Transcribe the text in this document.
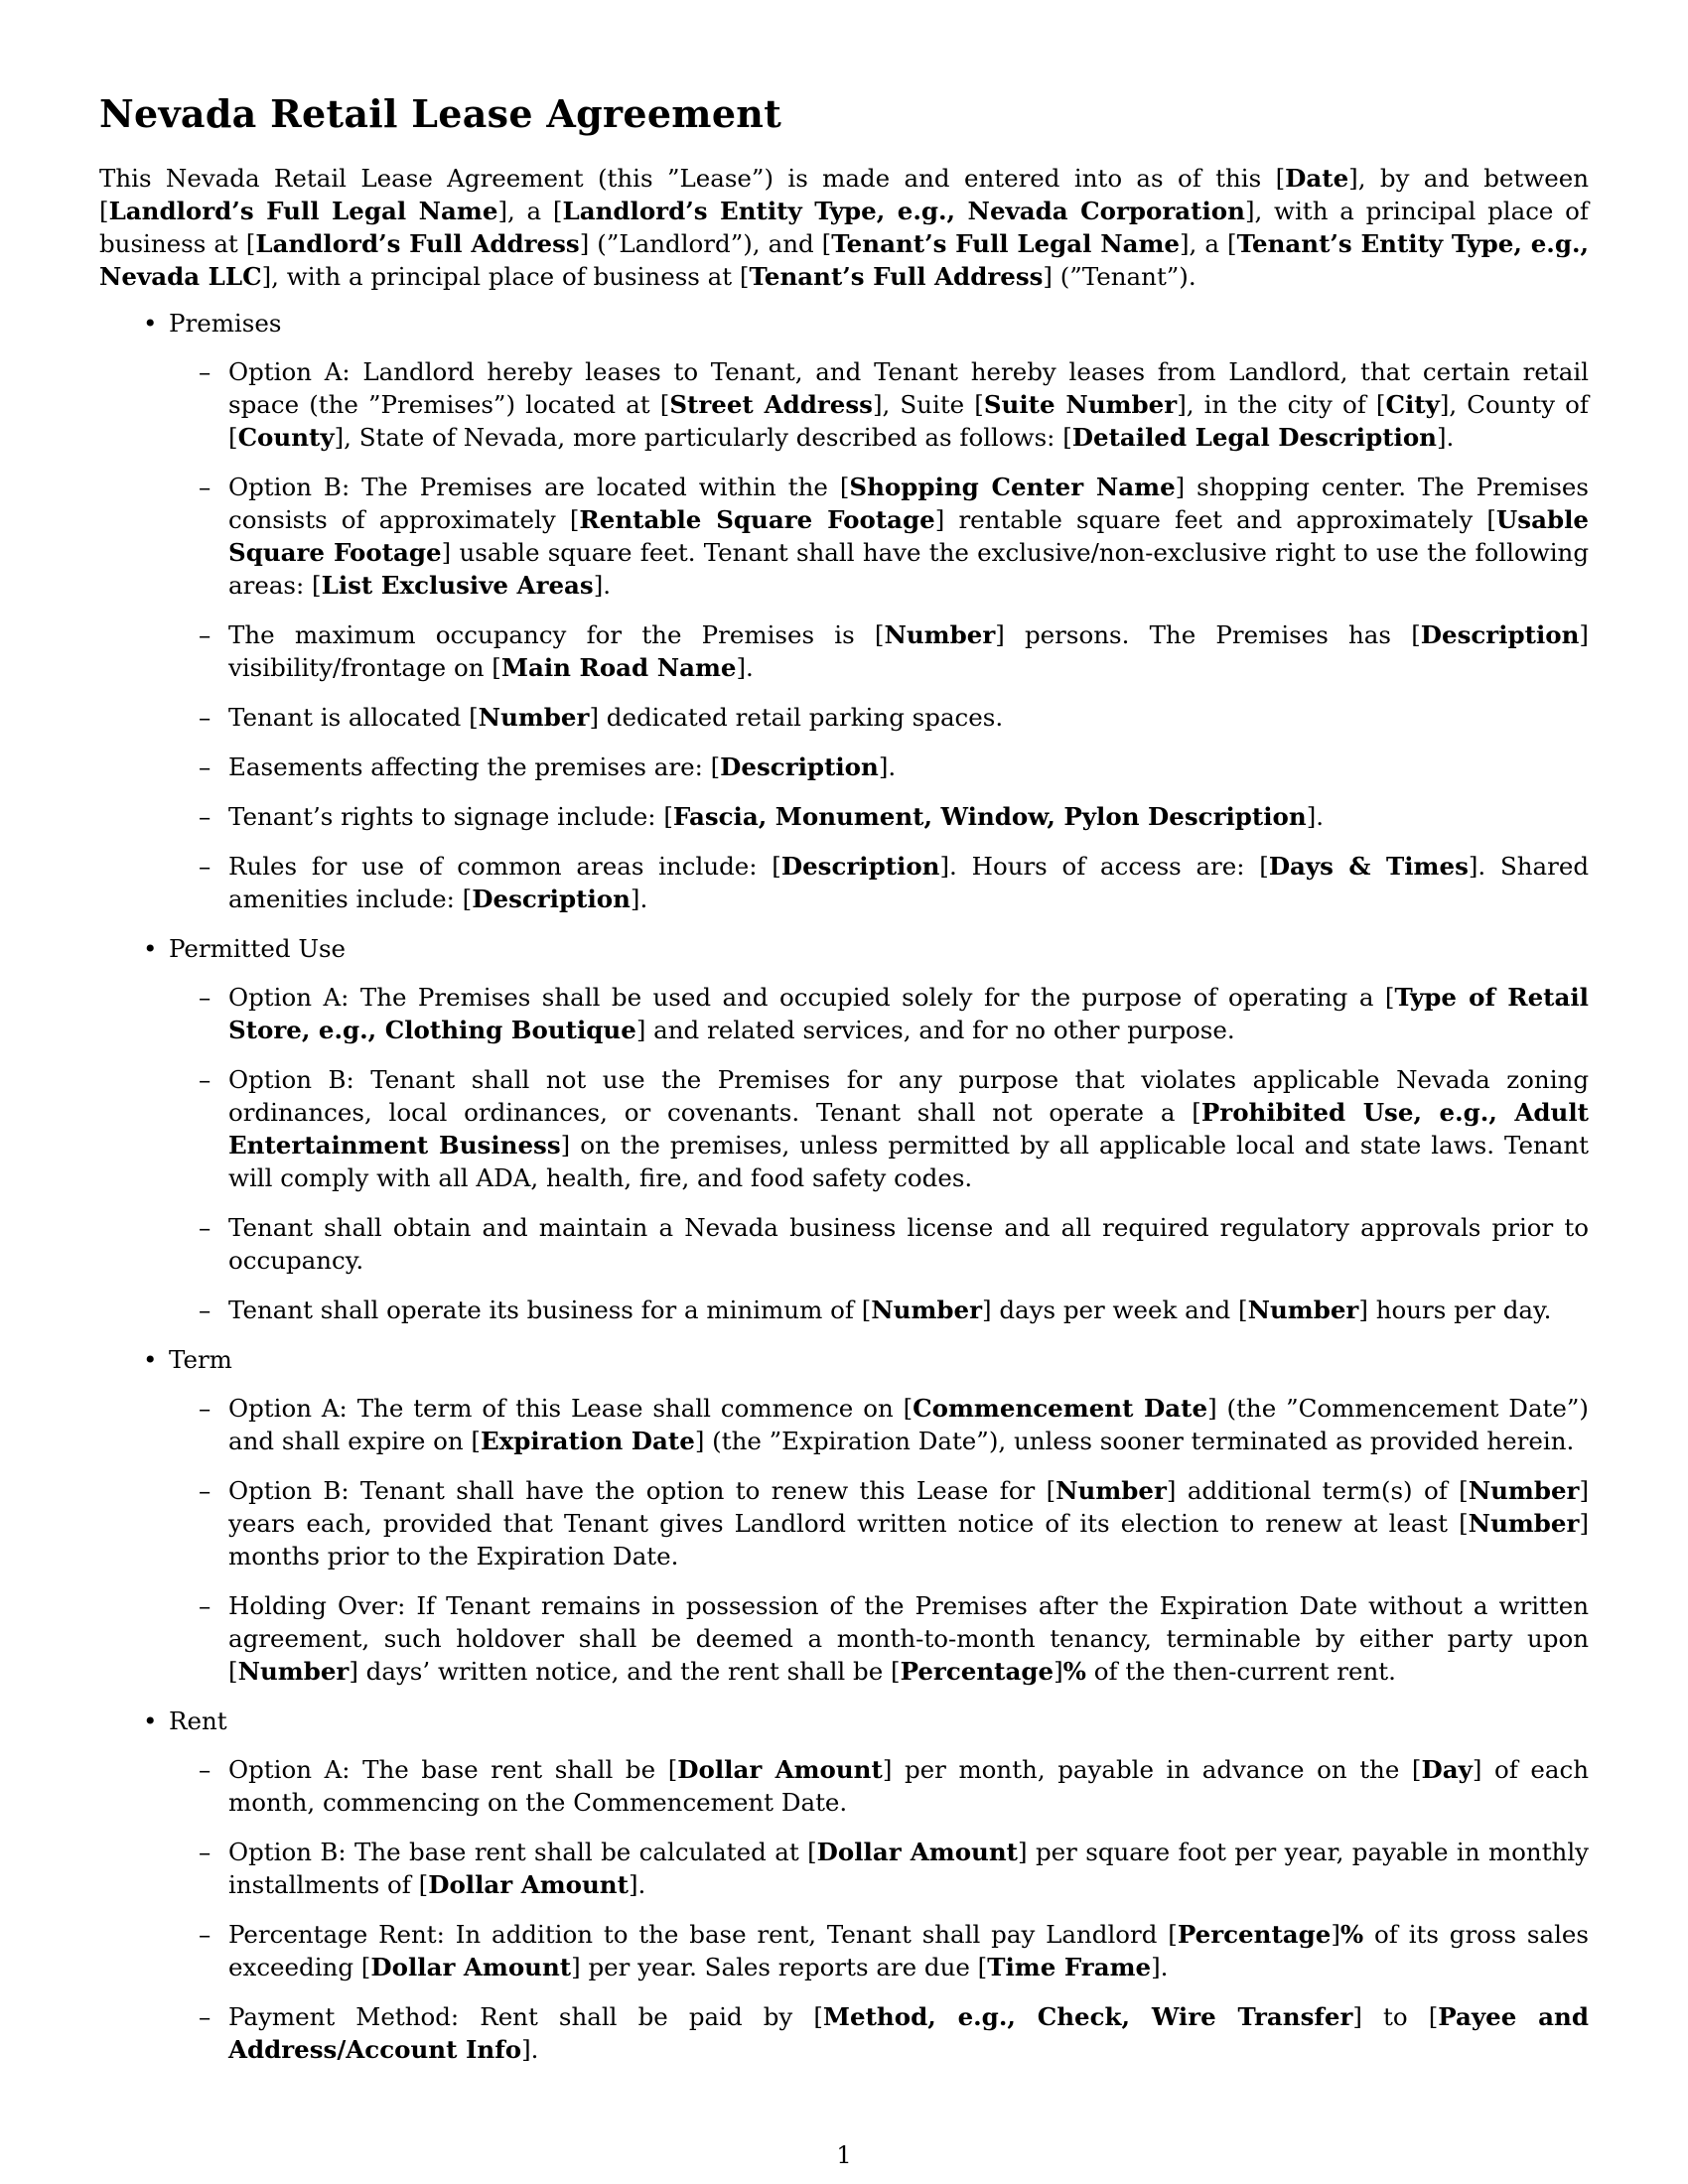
Nevada Retail Lease Agreement

This Nevada Retail Lease Agreement (this ”Lease”) is made and entered into as of this [Date], by and between [Landlord’s Full Legal Name], a [Landlord’s Entity Type, e.g., Nevada Corporation], with a principal place of business at [Landlord’s Full Address] (”Landlord”), and [Tenant’s Full Legal Name], a [Tenant’s Entity Type, e.g., Nevada LLC], with a principal place of business at [Tenant’s Full Address] (”Tenant”).

• Premises
– Option A: Landlord hereby leases to Tenant, and Tenant hereby leases from Landlord, that certain retail space (the ”Premises”) located at [Street Address], Suite [Suite Number], in the city of [City], County of [County], State of Nevada, more particularly described as follows: [Detailed Legal Description].
– Option B: The Premises are located within the [Shopping Center Name] shopping center. The Premises consists of approximately [Rentable Square Footage] rentable square feet and approximately [Usable Square Footage] usable square feet. Tenant shall have the exclusive/non-exclusive right to use the following areas: [List Exclusive Areas].
– The maximum occupancy for the Premises is [Number] persons. The Premises has [Description] visibility/frontage on [Main Road Name].
– Tenant is allocated [Number] dedicated retail parking spaces.
– Easements affecting the premises are: [Description].
– Tenant’s rights to signage include: [Fascia, Monument, Window, Pylon Description].
– Rules for use of common areas include: [Description]. Hours of access are: [Days & Times]. Shared amenities include: [Description].
• Permitted Use
– Option A: The Premises shall be used and occupied solely for the purpose of operating a [Type of Retail Store, e.g., Clothing Boutique] and related services, and for no other purpose.
– Option B: Tenant shall not use the Premises for any purpose that violates applicable Nevada zoning ordinances, local ordinances, or covenants. Tenant shall not operate a [Prohibited Use, e.g., Adult Entertainment Business] on the premises, unless permitted by all applicable local and state laws. Tenant will comply with all ADA, health, fire, and food safety codes.
– Tenant shall obtain and maintain a Nevada business license and all required regulatory approvals prior to occupancy.
– Tenant shall operate its business for a minimum of [Number] days per week and [Number] hours per day.
• Term
– Option A: The term of this Lease shall commence on [Commencement Date] (the ”Commencement Date”) and shall expire on [Expiration Date] (the ”Expiration Date”), unless sooner terminated as provided herein.
– Option B: Tenant shall have the option to renew this Lease for [Number] additional term(s) of [Number] years each, provided that Tenant gives Landlord written notice of its election to renew at least [Number] months prior to the Expiration Date.
– Holding Over: If Tenant remains in possession of the Premises after the Expiration Date without a written agreement, such holdover shall be deemed a month-to-month tenancy, terminable by either party upon [Number] days’ written notice, and the rent shall be [Percentage]% of the then-current rent.
• Rent
– Option A: The base rent shall be [Dollar Amount] per month, payable in advance on the [Day] of each month, commencing on the Commencement Date.
– Option B: The base rent shall be calculated at [Dollar Amount] per square foot per year, payable in monthly installments of [Dollar Amount].
– Percentage Rent: In addition to the base rent, Tenant shall pay Landlord [Percentage]% of its gross sales exceeding [Dollar Amount] per year. Sales reports are due [Time Frame].
– Payment Method: Rent shall be paid by [Method, e.g., Check, Wire Transfer] to [Payee and Address/Account Info].
1
